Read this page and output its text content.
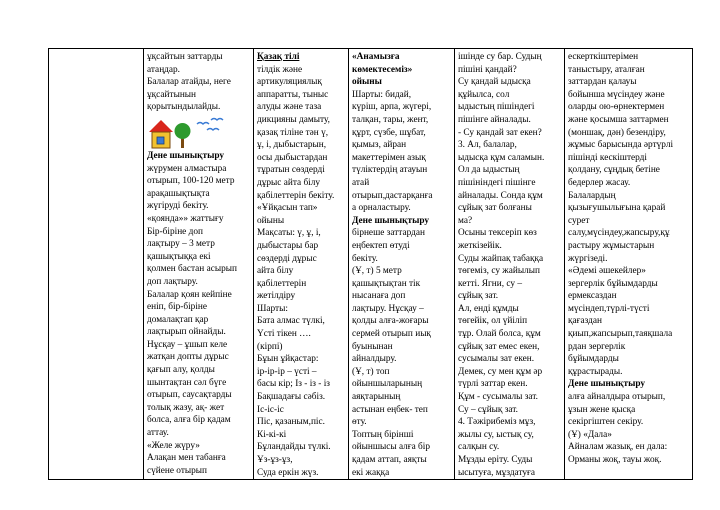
ұқсайтын заттарды
атаңдар.
Балалар атайды, неге
ұқсайтынын
қорытындылайды.
Дене шынықтыру
жүрумен алмастыра
отырып, 100-120 метр
арақашықтықта
жүгіруді бекіту.
«қоянда»» жаттығу
Бір-біріне доп
лақтыру – 3 метр
қашықтыққа екі
қолмен бастан асырып
доп лақтыру.
Балалар қоян кейпіне
еніп, бір-біріне
домалақтап қар
лақтырып ойнайды.
Нұсқау – ұшып келе
жатқан допты дұрыс
қағып алу, қолды
шынтақтан сәл бүге
отырып, саусақтарды
толық жазу, ақ- жет
болса, алға бір қадам
аттау.
«Желе жүру»
Алақан мен табанға
сүйене отырып

Қазақ тілі
тілдік және
артикуляциялық
аппаратты, тыныс
алуды және таза
дикцияны дамыту,
қазақ тіліне тән ү,
ұ, і, дыбыстарын,
осы дыбыстардан
тұратын сөздерді
дұрыс айта білу
қабілеттерін бекіту.
«Ұйқасын тап»
ойыны
Мақсаты: ү, ұ, і,
дыбыстары бар
сөздерді дұрыс
айта білу
қабілеттерін
жетілдіру
Шарты:
Бата алмас түлкі,
Үсті тікен ….
(кірпі)
Бұын ұйқастар:
ір-ір-ір – үсті –
басы кір; Із - із - із
Бақшадағы сәбіз.
Іс-іс-іс
Піс, қазаным,піс.
Кі-кі-кі
Бұландайды түлкі.
Ұз-ұз-ұз,
Суда еркін жүз.

«Анамызға
көмектесеміз»
ойыны
Шарты: бидай,
күріш, арпа, жүгері,
талқан, тары, жент,
құрт, сүзбе, шұбат,
қымыз, айран
макеттерімен азық
түліктердің атауын
атай
отырып,дастарқанға
а орналастыру.
Дене шынықтыру
бірнеше заттардан
еңбектеп өтуді
бекіту.
(Ұ, т) 5 метр
қашықтықтан тік
нысанаға доп
лақтыру. Нұсқау –
қолды алға-жоғары
сермей отырып иық
буынынан
айналдыру.
(Ұ, т) топ
ойыншыларының
аяқтарының
астынан еңбек- теп
өту.
Топтың бірінші
ойыншысы алға бір
қадам аттап, аяқты
екі жаққа

ішінде су бар. Судың
пішіні қандай?
Су қандай ыдысқа
құйылса, сол
ыдыстың пішіндегі
пішінге айналады.
- Су қандай зат екен?
3. Ал, балалар,
ыдысқа құм саламын.
Ол да ыдыстың
пішініндегі пішінге
айналады. Сонда құм
сұйық зат болғаны
ма?
Осыны тексеріп көз
жеткізейік.
Суды жайпақ табаққа
төгеміз, су жайылып
кетті. Ягни, су –
сұйық зат.
Ал, енді құмды
төгейік, ол үйіліп
тұр. Олай болса, құм
сұйық зат емес екен,
сусымалы зат екен.
Демек, су мен құм әр
түрлі заттар екен.
Құм - сусымалы зат.
Су – сұйық зат.
4. Тәжірибеміз мұз,
жылы су, ыстық су,
салқын су.
Мұзды еріту. Суды
ысытуға, мұздатуға

ескерткіштерімен
таныстыру, аталған
заттардан қалауы
бойынша мүсіндеу және
оларды ою-өрнектермен
және қосымша заттармен
(моншақ, дән) безендіру,
жұмыс барысында әртүрлі
пішінді кескіштерді
қолдану, сұңдық бетіне
бедерлер жасау.
Балалардың
қызығушылығына қарай
сурет
салу,мүсіндеу,жапсыру,құ
растыру жұмыстарын
жүргізеді.
«Әдемі әшекейлер»
зергерлік бұйымдарды
ермексаздан
мүсіндеп,түрлі-түсті
қағаздан
қиып,жапсырып,таяқшала
рдан зергерлік
бұйымдарды
құрастырады.
Дене шынықтыру
алға айналдыра отырып,
ұзын жене қысқа
секіргіштен секіру.
(Ұ) «Дала»
Айналам жазық, ен дала:
Орманы жоқ, тауы жоқ.
